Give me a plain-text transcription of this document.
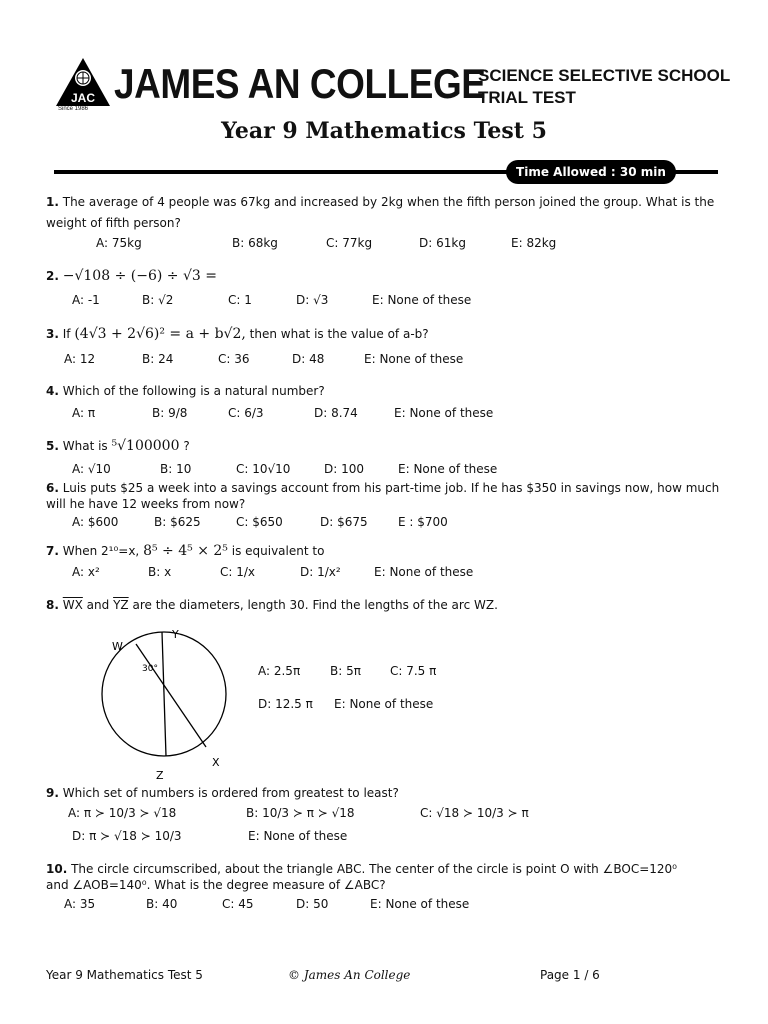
JAC
Since 1986
JAMES AN COLLEGE
SCIENCE SELECTIVE SCHOOL
TRIAL TEST
Year 9 Mathematics Test 5
Time Allowed : 30 min
1. The average of 4 people was 67kg and increased by 2kg when the fifth person joined the group. What is the
weight of fifth person?
A: 75kg	B: 68kg	C: 77kg	D: 61kg	E: 82kg
2. −√108 ÷ (−6) ÷ √3 =
A: -1	B: √2	C: 1	D: √3	E: None of these
3. If (4√3 + 2√6)² = a + b√2, then what is the value of a-b?
A: 12	B: 24	C: 36	D: 48	E: None of these
4. Which of the following is a natural number?
A: π	B: 9/8	C: 6/3	D: 8.74	E: None of these
5. What is ⁵√100000 ?
A: √10	B: 10	C: 10√10	D: 100	E: None of these
6. Luis puts $25 a week into a savings account from his part-time job. If he has $350 in savings now, how much
will he have 12 weeks from now?
A: $600	B: $625	C: $650	D: $675	E : $700
7. When 2¹⁰=x, 8⁵ ÷ 4⁵ × 2⁵ is equivalent to
A: x²	B: x	C: 1/x	D: 1/x²	E: None of these
8. $\overline{WX}$ and $\overline{YZ}$ are the diameters, length 30. Find the lengths of the arc WZ.
W
Y
X
Z
30°	A: 2.5π B: 5π C: 7.5 π
D: 12.5 π E: None of these
9. Which set of numbers is ordered from greatest to least?
A: π ≻ 10/3 ≻ √18	B: 10/3 ≻ π ≻ √18	C: √18 ≻ 10/3 ≻ π
D: π ≻ √18 ≻ 10/3	E: None of these
10. The circle circumscribed, about the triangle ABC. The center of the circle is point O with ∠BOC=120⁰
and ∠AOB=140⁰. What is the degree measure of ∠ABC?
A: 35	B: 40	C: 45	D: 50	E: None of these
Year 9 Mathematics Test 5	© James An College	Page 1 / 6
